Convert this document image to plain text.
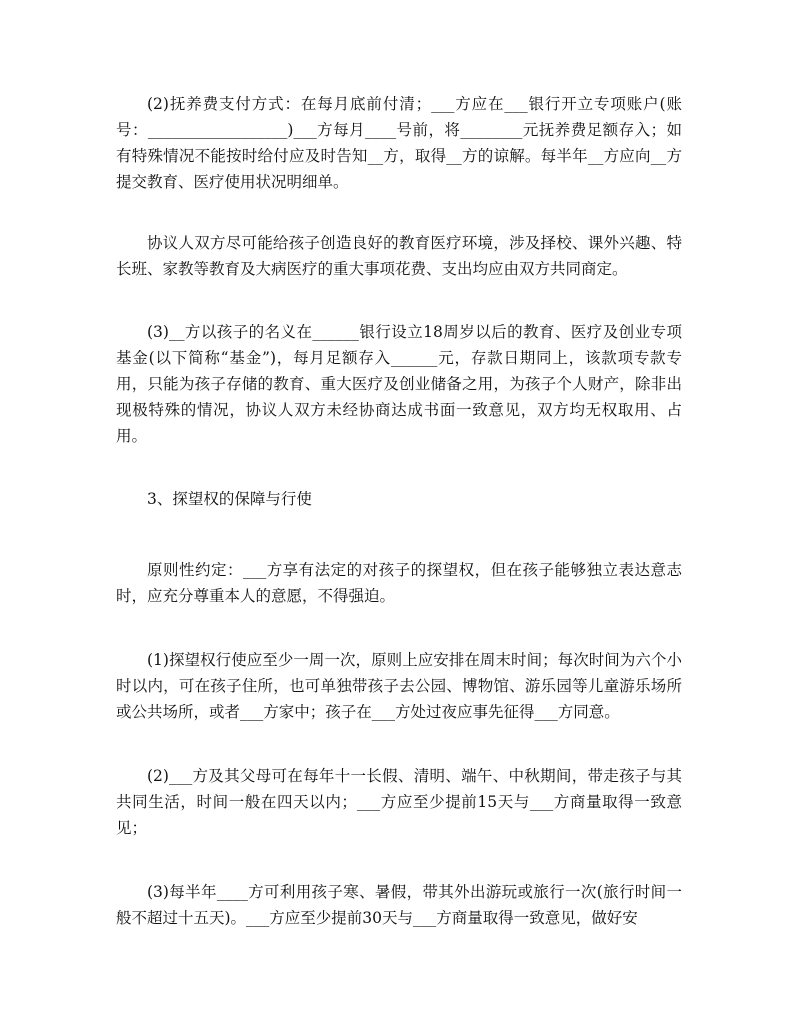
(2)抚养费支付方式：在每月底前付清；___方应在___银行开立专项账户(账号：__________________)___方每月____号前，将________元抚养费足额存入；如有特殊情况不能按时给付应及时告知__方，取得__方的谅解。每半年__方应向__方提交教育、医疗使用状况明细单。

协议人双方尽可能给孩子创造良好的教育医疗环境，涉及择校、课外兴趣、特长班、家教等教育及大病医疗的重大事项花费、支出均应由双方共同商定。

(3)__方以孩子的名义在______银行设立18周岁以后的教育、医疗及创业专项基金(以下简称“基金”)，每月足额存入______元，存款日期同上，该款项专款专用，只能为孩子存储的教育、重大医疗及创业储备之用，为孩子个人财产，除非出现极特殊的情况，协议人双方未经协商达成书面一致意见，双方均无权取用、占用。

3、探望权的保障与行使

原则性约定：___方享有法定的对孩子的探望权，但在孩子能够独立表达意志时，应充分尊重本人的意愿，不得强迫。

(1)探望权行使应至少一周一次，原则上应安排在周末时间；每次时间为六个小时以内，可在孩子住所，也可单独带孩子去公园、博物馆、游乐园等儿童游乐场所或公共场所，或者___方家中；孩子在___方处过夜应事先征得___方同意。

(2)___方及其父母可在每年十一长假、清明、端午、中秋期间，带走孩子与其共同生活，时间一般在四天以内；___方应至少提前15天与___方商量取得一致意见；

(3)每半年____方可利用孩子寒、暑假，带其外出游玩或旅行一次(旅行时间一般不超过十五天)。___方应至少提前30天与___方商量取得一致意见，做好安
